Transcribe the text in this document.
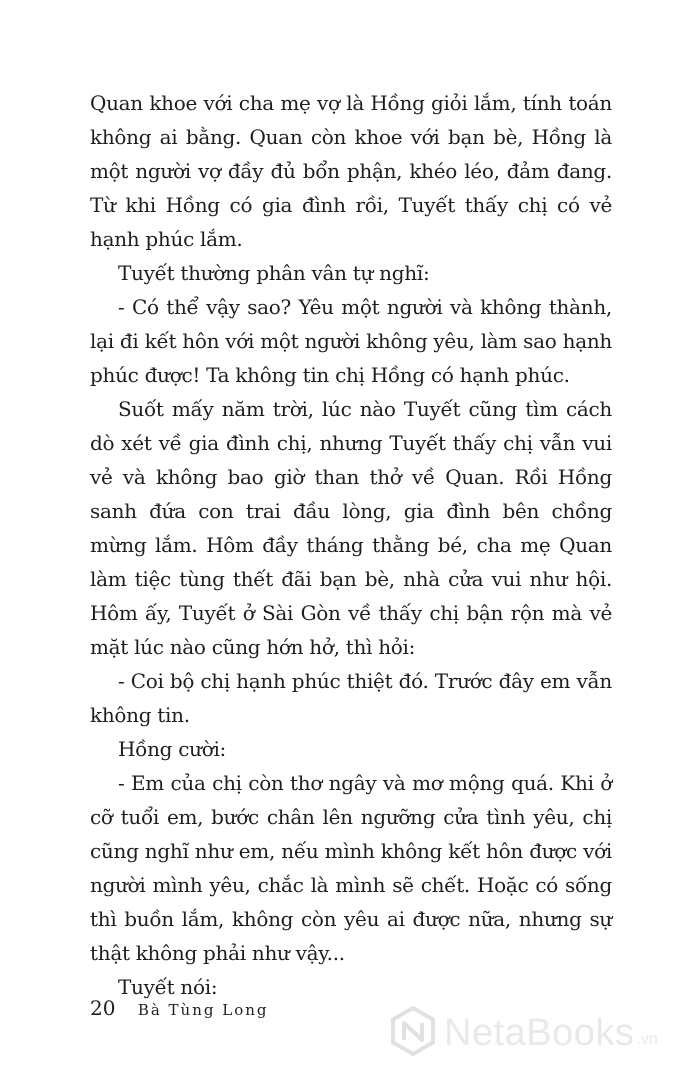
Quan khoe với cha mẹ vợ là Hồng giỏi lắm, tính toán không ai bằng. Quan còn khoe với bạn bè, Hồng là một người vợ đầy đủ bổn phận, khéo léo, đảm đang. Từ khi Hồng có gia đình rồi, Tuyết thấy chị có vẻ hạnh phúc lắm.

Tuyết thường phân vân tự nghĩ:

- Có thể vậy sao? Yêu một người và không thành, lại đi kết hôn với một người không yêu, làm sao hạnh phúc được! Ta không tin chị Hồng có hạnh phúc.

Suốt mấy năm trời, lúc nào Tuyết cũng tìm cách dò xét về gia đình chị, nhưng Tuyết thấy chị vẫn vui vẻ và không bao giờ than thở về Quan. Rồi Hồng sanh đứa con trai đầu lòng, gia đình bên chồng mừng lắm. Hôm đầy tháng thằng bé, cha mẹ Quan làm tiệc tùng thết đãi bạn bè, nhà cửa vui như hội. Hôm ấy, Tuyết ở Sài Gòn về thấy chị bận rộn mà vẻ mặt lúc nào cũng hớn hở, thì hỏi:

- Coi bộ chị hạnh phúc thiệt đó. Trước đây em vẫn không tin.

Hồng cười:

- Em của chị còn thơ ngây và mơ mộng quá. Khi ở cỡ tuổi em, bước chân lên ngưỡng cửa tình yêu, chị cũng nghĩ như em, nếu mình không kết hôn được với người mình yêu, chắc là mình sẽ chết. Hoặc có sống thì buồn lắm, không còn yêu ai được nữa, nhưng sự thật không phải như vậy...

Tuyết nói:

20 Bà Tùng Long
NetaBooks .vn
